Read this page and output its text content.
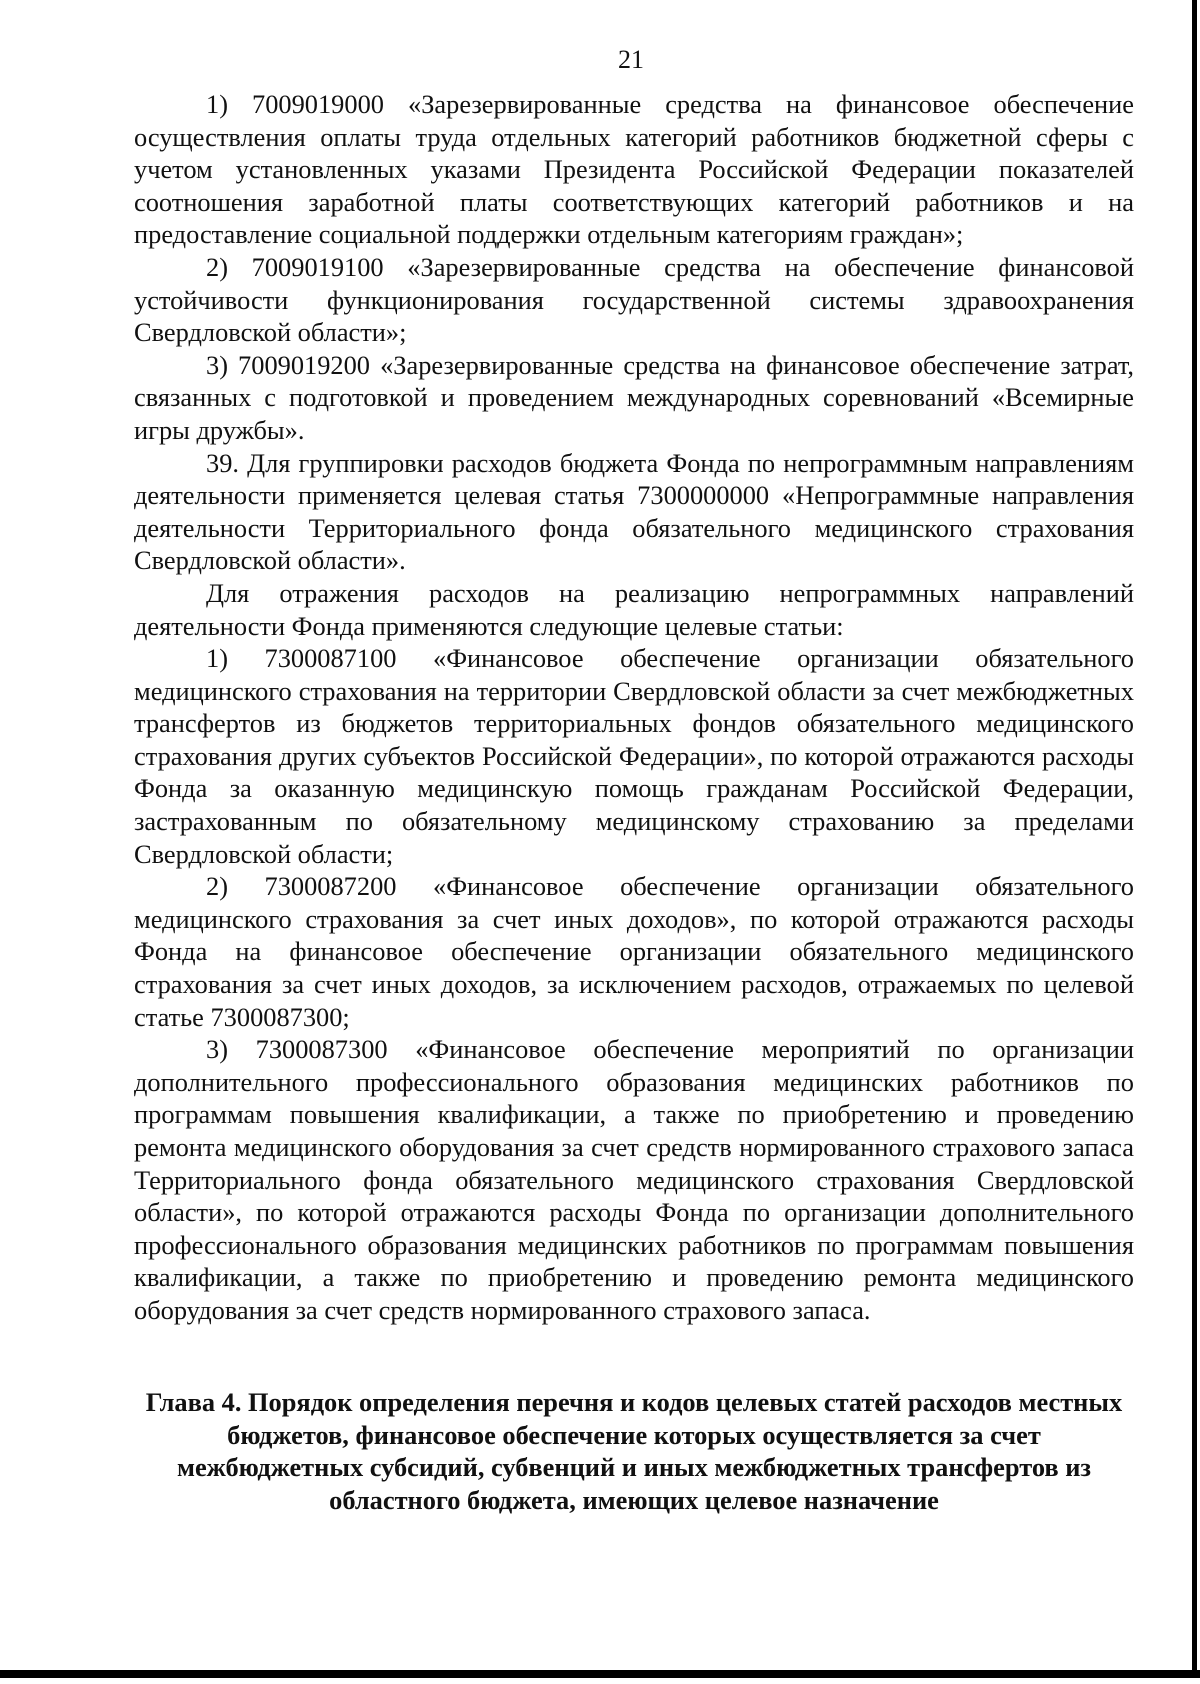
21

1) 7009019000 «Зарезервированные средства на финансовое обеспечение осуществления оплаты труда отдельных категорий работников бюджетной сферы с учетом установленных указами Президента Российской Федерации показателей соотношения заработной платы соответствующих категорий работников и на предоставление социальной поддержки отдельным категориям граждан»;

2) 7009019100 «Зарезервированные средства на обеспечение финансовой устойчивости функционирования государственной системы здравоохранения Свердловской области»;

3) 7009019200 «Зарезервированные средства на финансовое обеспечение затрат, связанных с подготовкой и проведением международных соревнований «Всемирные игры дружбы».

39. Для группировки расходов бюджета Фонда по непрограммным направлениям деятельности применяется целевая статья 7300000000 «Непрограммные направления деятельности Территориального фонда обязательного медицинского страхования Свердловской области».

Для отражения расходов на реализацию непрограммных направлений деятельности Фонда применяются следующие целевые статьи:

1) 7300087100 «Финансовое обеспечение организации обязательного медицинского страхования на территории Свердловской области за счет межбюджетных трансфертов из бюджетов территориальных фондов обязательного медицинского страхования других субъектов Российской Федерации», по которой отражаются расходы Фонда за оказанную медицинскую помощь гражданам Российской Федерации, застрахованным по обязательному медицинскому страхованию за пределами Свердловской области;

2) 7300087200 «Финансовое обеспечение организации обязательного медицинского страхования за счет иных доходов», по которой отражаются расходы Фонда на финансовое обеспечение организации обязательного медицинского страхования за счет иных доходов, за исключением расходов, отражаемых по целевой статье 7300087300;

3) 7300087300 «Финансовое обеспечение мероприятий по организации дополнительного профессионального образования медицинских работников по программам повышения квалификации, а также по приобретению и проведению ремонта медицинского оборудования за счет средств нормированного страхового запаса Территориального фонда обязательного медицинского страхования Свердловской области», по которой отражаются расходы Фонда по организации дополнительного профессионального образования медицинских работников по программам повышения квалификации, а также по приобретению и проведению ремонта медицинского оборудования за счет средств нормированного страхового запаса.

Глава 4. Порядок определения перечня и кодов целевых статей расходов местных бюджетов, финансовое обеспечение которых осуществляется за счет межбюджетных субсидий, субвенций и иных межбюджетных трансфертов из областного бюджета, имеющих целевое назначение
